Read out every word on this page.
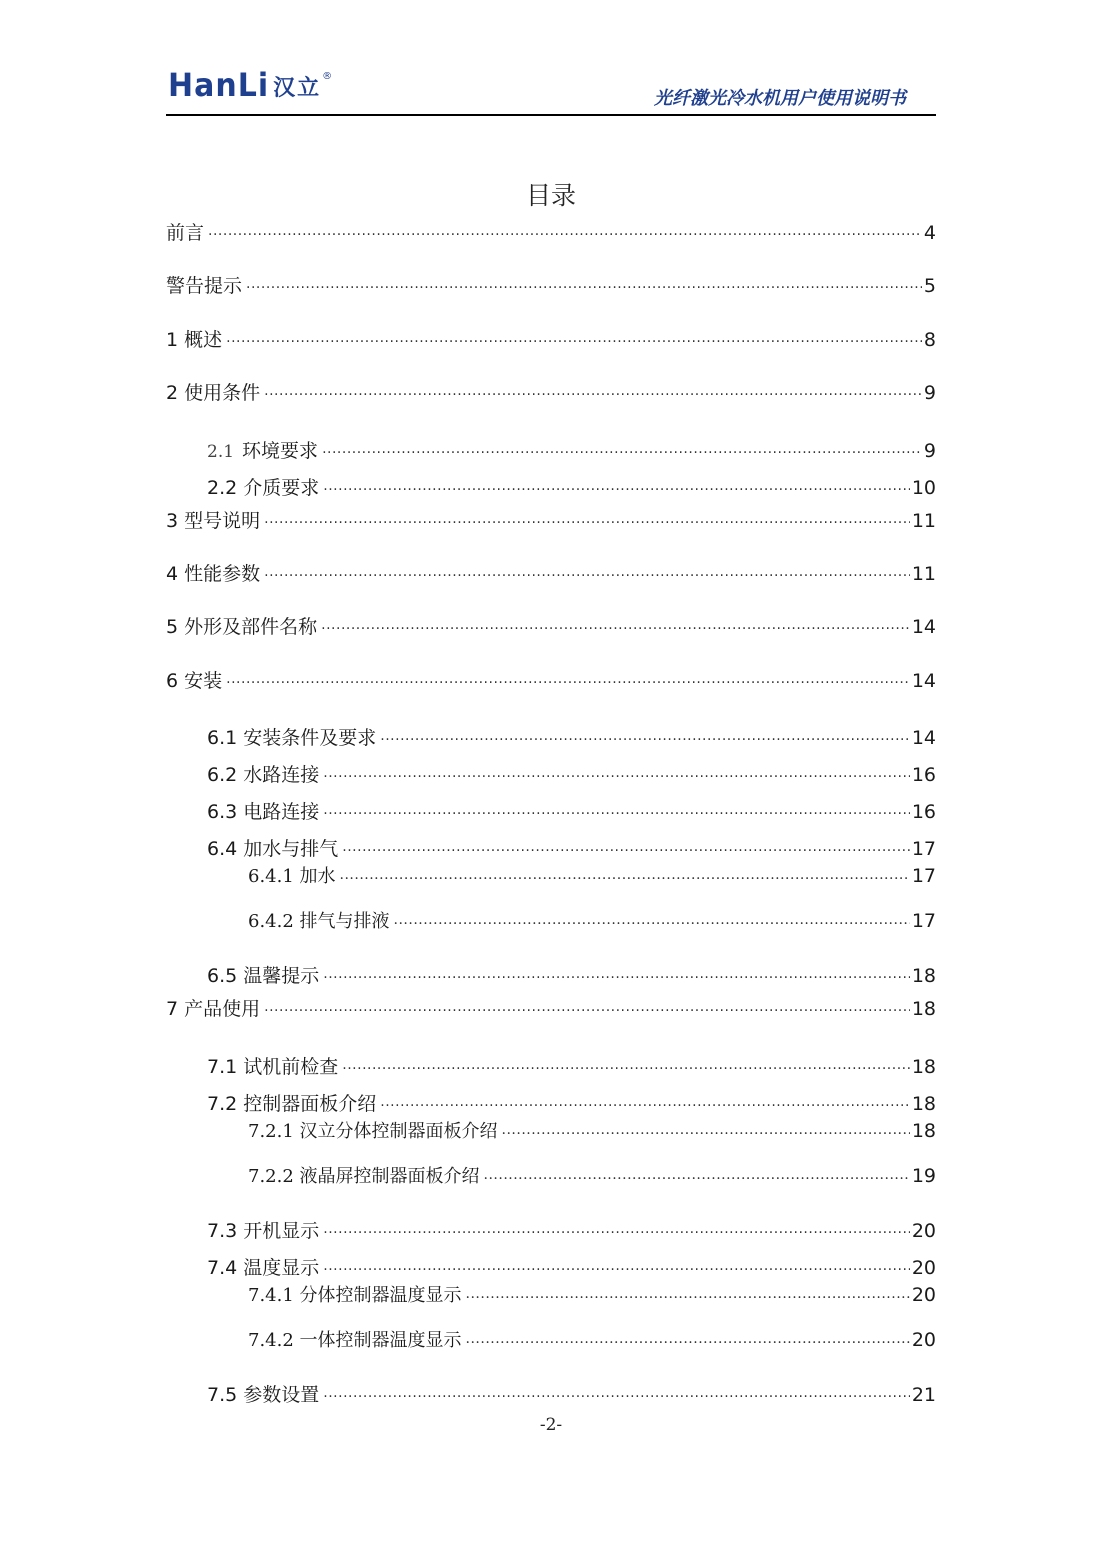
HanLi 汉立 ®
光纤激光冷水机用户使用说明书
目录
前言 .....	4
警告提示 .....	5
1 概述 .....	8
2 使用条件 .....	9
2.1 环境要求 .....	9
2.2 介质要求 .....	10
3 型号说明 .....	11
4 性能参数 .....	11
5 外形及部件名称 .....	14
6 安装 .....	14
6.1 安装条件及要求 .....	14
6.2 水路连接 .....	16
6.3 电路连接 .....	16
6.4 加水与排气 .....	17
6.4.1 加水 .....	17
6.4.2 排气与排液 .....	17
6.5 温馨提示 .....	18
7 产品使用 .....	18
7.1 试机前检查 .....	18
7.2 控制器面板介绍 .....	18
7.2.1 汉立分体控制器面板介绍 .....	18
7.2.2 液晶屏控制器面板介绍 .....	19
7.3 开机显示 .....	20
7.4 温度显示 .....	20
7.4.1 分体控制器温度显示 .....	20
7.4.2 一体控制器温度显示 .....	20
7.5 参数设置 .....	21
-2-
